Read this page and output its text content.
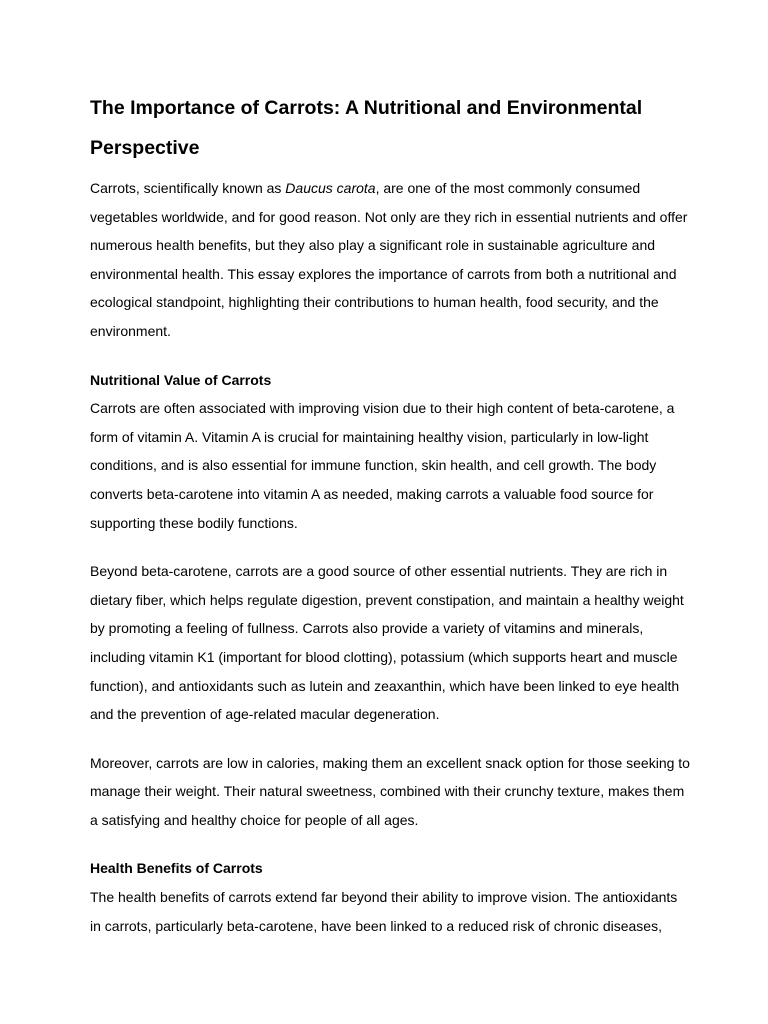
The Importance of Carrots: A Nutritional and Environmental Perspective

Carrots, scientifically known as Daucus carota, are one of the most commonly consumed vegetables worldwide, and for good reason. Not only are they rich in essential nutrients and offer numerous health benefits, but they also play a significant role in sustainable agriculture and environmental health. This essay explores the importance of carrots from both a nutritional and ecological standpoint, highlighting their contributions to human health, food security, and the environment.

Nutritional Value of Carrots

Carrots are often associated with improving vision due to their high content of beta-carotene, a form of vitamin A. Vitamin A is crucial for maintaining healthy vision, particularly in low-light conditions, and is also essential for immune function, skin health, and cell growth. The body converts beta-carotene into vitamin A as needed, making carrots a valuable food source for supporting these bodily functions.

Beyond beta-carotene, carrots are a good source of other essential nutrients. They are rich in dietary fiber, which helps regulate digestion, prevent constipation, and maintain a healthy weight by promoting a feeling of fullness. Carrots also provide a variety of vitamins and minerals, including vitamin K1 (important for blood clotting), potassium (which supports heart and muscle function), and antioxidants such as lutein and zeaxanthin, which have been linked to eye health and the prevention of age-related macular degeneration.

Moreover, carrots are low in calories, making them an excellent snack option for those seeking to manage their weight. Their natural sweetness, combined with their crunchy texture, makes them a satisfying and healthy choice for people of all ages.

Health Benefits of Carrots

The health benefits of carrots extend far beyond their ability to improve vision. The antioxidants in carrots, particularly beta-carotene, have been linked to a reduced risk of chronic diseases,
